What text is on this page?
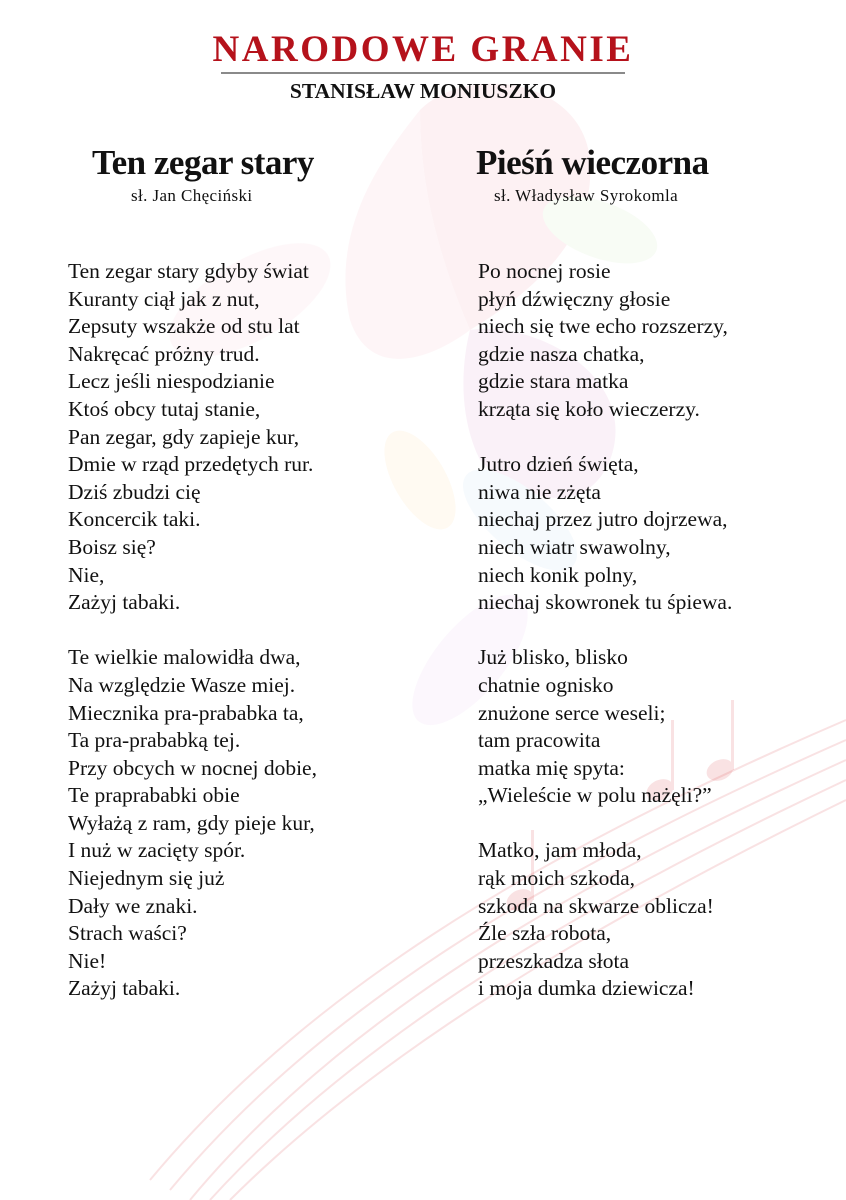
NARODOWE GRANIE
STANISŁAW MONIUSZKO
Ten zegar stary

sł. Jan Chęciński

Ten zegar stary gdyby świat
Kuranty ciął jak z nut,
Zepsuty wszakże od stu lat
Nakręcać próżny trud.
Lecz jeśli niespodzianie
Ktoś obcy tutaj stanie,
Pan zegar, gdy zapieje kur,
Dmie w rząd przedętych rur.
Dziś zbudzi cię
Koncercik taki.
Boisz się?
Nie,
Zażyj tabaki.
Te wielkie malowidła dwa,
Na względzie Wasze miej.
Miecznika pra-prababka ta,
Ta pra-prababką tej.
Przy obcych w nocnej dobie,
Te praprababki obie
Wyłażą z ram, gdy pieje kur,
I nuż w zacięty spór.
Niejednym się już
Dały we znaki.
Strach waści?
Nie!
Zażyj tabaki.
Pieśń wieczorna

sł. Władysław Syrokomla

Po nocnej rosie
płyń dźwięczny głosie
niech się twe echo rozszerzy,
gdzie nasza chatka,
gdzie stara matka
krząta się koło wieczerzy.
Jutro dzień święta,
niwa nie zżęta
niechaj przez jutro dojrzewa,
niech wiatr swawolny,
niech konik polny,
niechaj skowronek tu śpiewa.
Już blisko, blisko
chatnie ognisko
znużone serce weseli;
tam pracowita
matka mię spyta:
„Wieleście w polu nażęli?”
Matko, jam młoda,
rąk moich szkoda,
szkoda na skwarze oblicza!
Źle szła robota,
przeszkadza słota
i moja dumka dziewicza!
